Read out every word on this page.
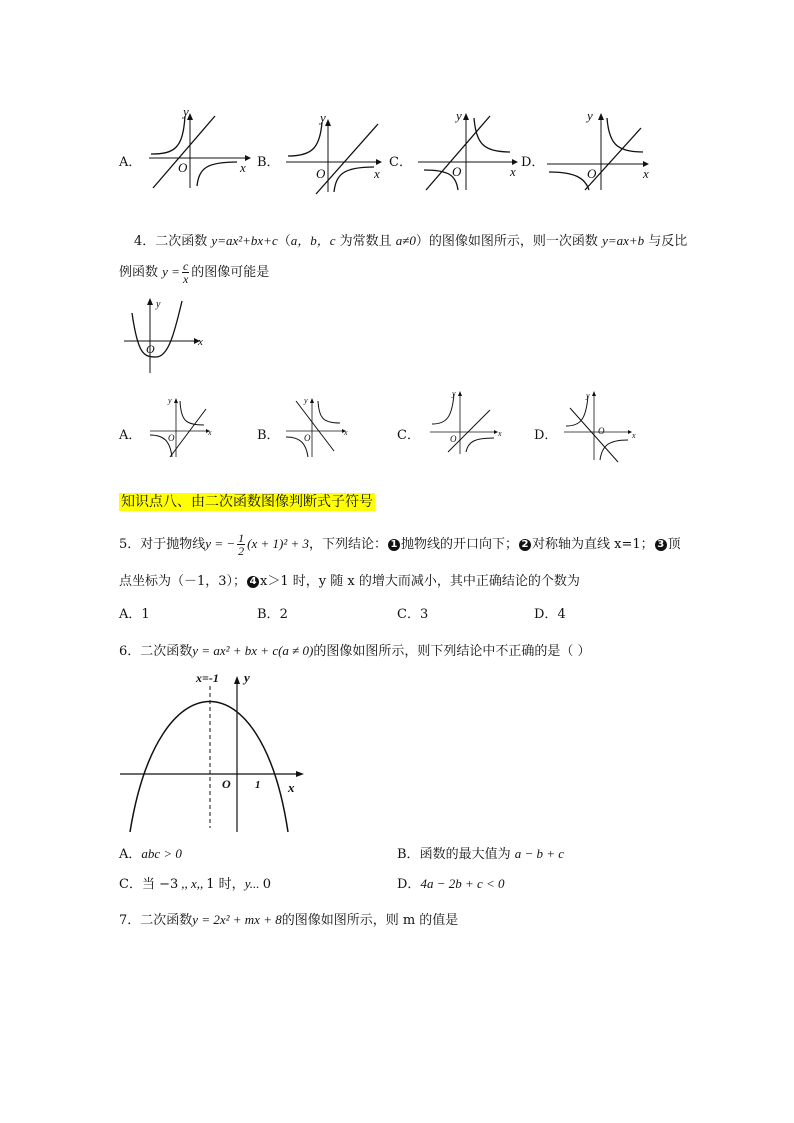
A．
y
x
O	B．
y
x
O
C．
y
x
O
D．
y
x
O
4．二次函数 y=ax²+bx+c（a，b，c 为常数且 a≠0）的图像如图所示，则一次函数 y=ax+b 与反比
例函数 $y = \frac{c}{x}$ 的图像可能是
y
x
O
A．
y
x
O	B．
y
x
O	C．
y
x
O	D．
y
x
O
知识点八、由二次函数图像判断式子符号
5．对于抛物线y = − $\frac{1}{2} (x + 1)^2 + 3$，下列结论： 1 抛物线的开口向下； 2 对称轴为直线 x=1； 3 顶
点坐标为（－1，3）； 4 x＞1 时，y 随 x 的增大而减小，其中正确结论的个数为
A．1	B．2	C．3	D．4
6．二次函数y = ax² + bx + c(a ≠ 0)的图像如图所示，则下列结论中不正确的是（ ）
x=-1 y
x
O 1
A．abc > 0	B．函数的最大值为 a − b + c
C．当 −3 ,, x,, 1 时，y... 0	D．4a − 2b + c < 0
7．二次函数y = 2x² + mx + 8的图像如图所示，则 m 的值是
